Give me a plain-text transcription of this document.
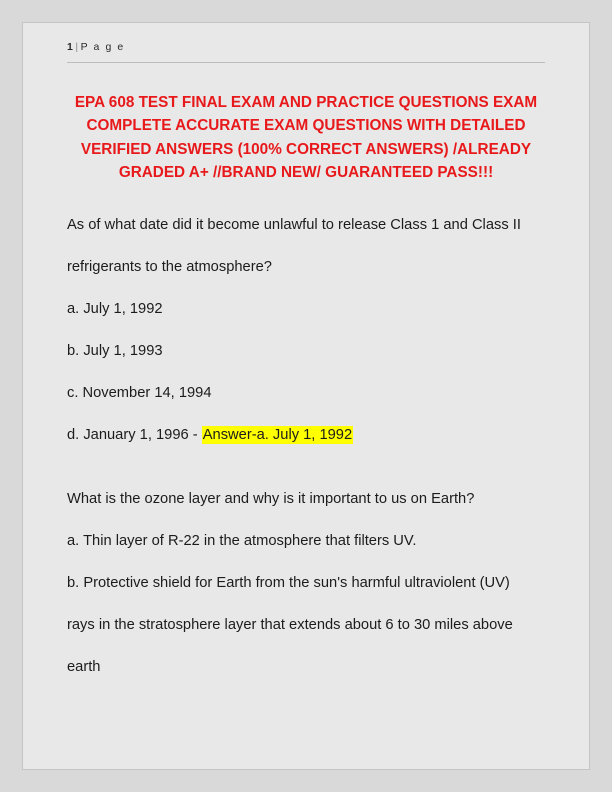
1 | P a g e
EPA 608 TEST FINAL EXAM AND PRACTICE QUESTIONS EXAM COMPLETE ACCURATE EXAM QUESTIONS WITH DETAILED VERIFIED ANSWERS (100% CORRECT ANSWERS) /ALREADY GRADED A+ //BRAND NEW/ GUARANTEED PASS!!!

As of what date did it become unlawful to release Class 1 and Class II

refrigerants to the atmosphere?

a. July 1, 1992

b. July 1, 1993

c. November 14, 1994

d. January 1, 1996 - Answer-a. July 1, 1992

What is the ozone layer and why is it important to us on Earth?

a. Thin layer of R-22 in the atmosphere that filters UV.

b. Protective shield for Earth from the sun's harmful ultraviolent (UV)

rays in the stratosphere layer that extends about 6 to 30 miles above

earth
